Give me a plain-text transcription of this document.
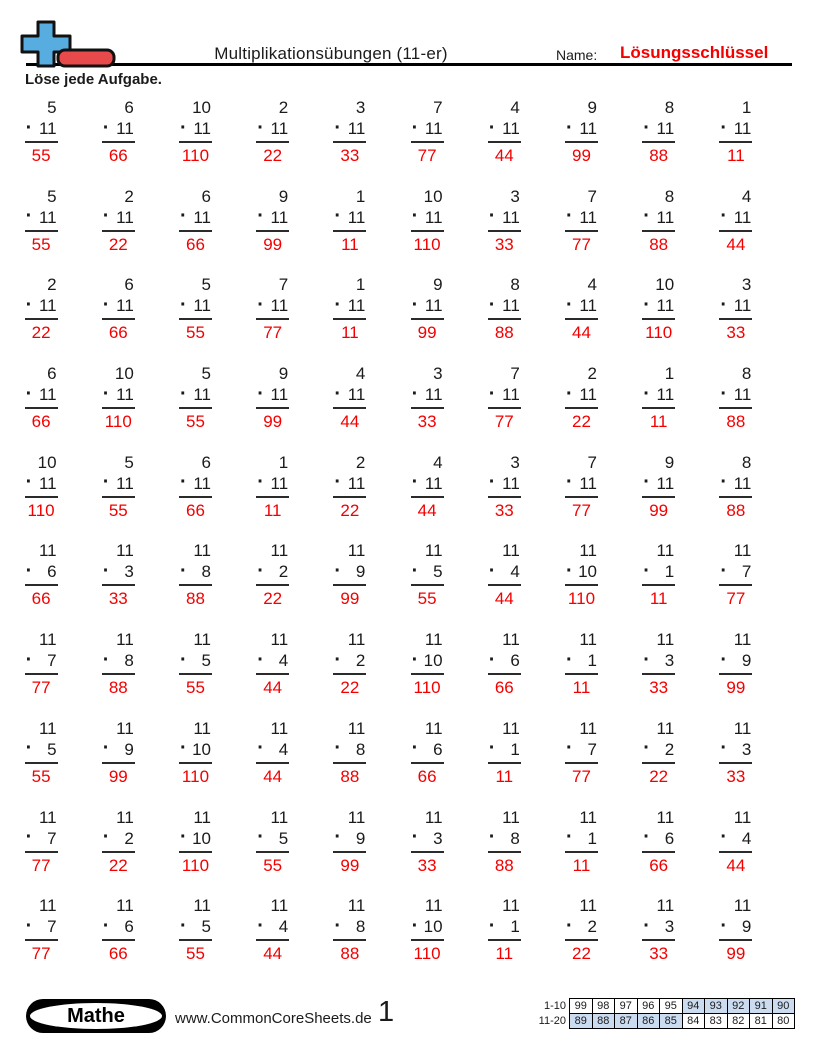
Multiplikationsübungen (11-er)	Name: Lösungsschlüssel
Löse jede Aufgabe.
5
· 11
55
6
· 11
66
10
· 11
110
2
· 11
22
3
· 11
33
7
· 11
77
4
· 11
44
9
· 11
99
8
· 11
88
1
· 11
11
5
· 11
55
2
· 11
22
6
· 11
66
9
· 11
99
1
· 11
11
10
· 11
110
3
· 11
33
7
· 11
77
8
· 11
88
4
· 11
44
2
· 11
22
6
· 11
66
5
· 11
55
7
· 11
77
1
· 11
11
9
· 11
99
8
· 11
88
4
· 11
44
10
· 11
110
3
· 11
33
6
· 11
66
10
· 11
110
5
· 11
55
9
· 11
99
4
· 11
44
3
· 11
33
7
· 11
77
2
· 11
22
1
· 11
11
8
· 11
88
10
· 11
110
5
· 11
55
6
· 11
66
1
· 11
11
2
· 11
22
4
· 11
44
3
· 11
33
7
· 11
77
9
· 11
99
8
· 11
88
11
· 6
66
11
· 3
33
11
· 8
88
11
· 2
22
11
· 9
99
11
· 5
55
11
· 4
44
11
· 10
110
11
· 1
11
11
· 7
77
11
· 7
77
11
· 8
88
11
· 5
55
11
· 4
44
11
· 2
22
11
· 10
110
11
· 6
66
11
· 1
11
11
· 3
33
11
· 9
99
11
· 5
55
11
· 9
99
11
· 10
110
11
· 4
44
11
· 8
88
11
· 6
66
11
· 1
11
11
· 7
77
11
· 2
22
11
· 3
33
11
· 7
77
11
· 2
22
11
· 10
110
11
· 5
55
11
· 9
99
11
· 3
33
11
· 8
88
11
· 1
11
11
· 6
66
11
· 4
44
11
· 7
77
11
· 6
66
11
· 5
55
11
· 4
44
11
· 8
88
11
· 10
110
11
· 1
11
11
· 2
22
11
· 3
33
11
· 9
99
Mathe	www.CommonCoreSheets.de 1	1-10 99 98 97 96 95 94 93 92 91 90
11-20 89 88 87 86 85 84 83 82 81 80
